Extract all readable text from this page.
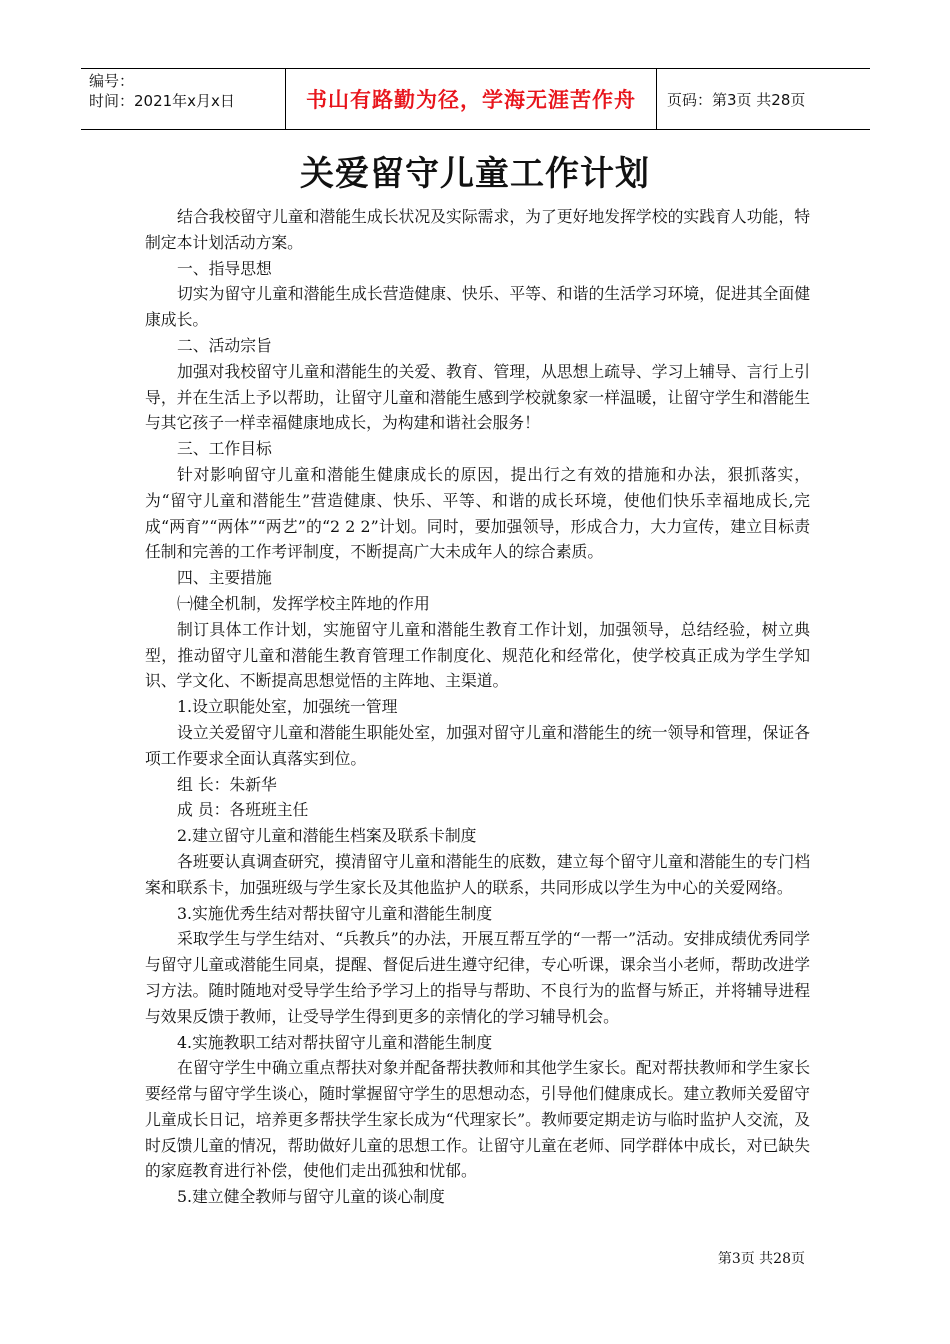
编号：
时间：2021年x月x日	书山有路勤为径，学海无涯苦作舟 页码：第3页 共28页
关爱留守儿童工作计划

结合我校留守儿童和潜能生成长状况及实际需求，为了更好地发挥学校的实践育人功能，特制定本计划活动方案。

一、指导思想

切实为留守儿童和潜能生成长营造健康、快乐、平等、和谐的生活学习环境，促进其全面健康成长。

二、活动宗旨

加强对我校留守儿童和潜能生的关爱、教育、管理，从思想上疏导、学习上辅导、言行上引导，并在生活上予以帮助，让留守儿童和潜能生感到学校就象家一样温暖，让留守学生和潜能生与其它孩子一样幸福健康地成长，为构建和谐社会服务！

三、工作目标

针对影响留守儿童和潜能生健康成长的原因，提出行之有效的措施和办法，狠抓落实，为“留守儿童和潜能生”营造健康、快乐、平等、和谐的成长环境，使他们快乐幸福地成长,完成“两育”“两体”“两艺”的“2 2 2”计划。同时，要加强领导，形成合力，大力宣传，建立目标责任制和完善的工作考评制度，不断提高广大未成年人的综合素质。

四、主要措施

㈠健全机制，发挥学校主阵地的作用

制订具体工作计划，实施留守儿童和潜能生教育工作计划，加强领导，总结经验，树立典型，推动留守儿童和潜能生教育管理工作制度化、规范化和经常化，使学校真正成为学生学知识、学文化、不断提高思想觉悟的主阵地、主渠道。

1.设立职能处室，加强统一管理

设立关爱留守儿童和潜能生职能处室，加强对留守儿童和潜能生的统一领导和管理，保证各项工作要求全面认真落实到位。

组 长：朱新华

成 员：各班班主任

2.建立留守儿童和潜能生档案及联系卡制度

各班要认真调查研究，摸清留守儿童和潜能生的底数，建立每个留守儿童和潜能生的专门档案和联系卡，加强班级与学生家长及其他监护人的联系，共同形成以学生为中心的关爱网络。

3.实施优秀生结对帮扶留守儿童和潜能生制度

采取学生与学生结对、“兵教兵”的办法，开展互帮互学的“一帮一”活动。安排成绩优秀同学与留守儿童或潜能生同桌，提醒、督促后进生遵守纪律，专心听课，课余当小老师，帮助改进学习方法。随时随地对受导学生给予学习上的指导与帮助、不良行为的监督与矫正，并将辅导进程与效果反馈于教师，让受导学生得到更多的亲情化的学习辅导机会。

4.实施教职工结对帮扶留守儿童和潜能生制度

在留守学生中确立重点帮扶对象并配备帮扶教师和其他学生家长。配对帮扶教师和学生家长要经常与留守学生谈心，随时掌握留守学生的思想动态，引导他们健康成长。建立教师关爱留守儿童成长日记，培养更多帮扶学生家长成为“代理家长”。教师要定期走访与临时监护人交流，及时反馈儿童的情况，帮助做好儿童的思想工作。让留守儿童在老师、同学群体中成长，对已缺失的家庭教育进行补偿，使他们走出孤独和忧郁。

5.建立健全教师与留守儿童的谈心制度

第3页 共28页
